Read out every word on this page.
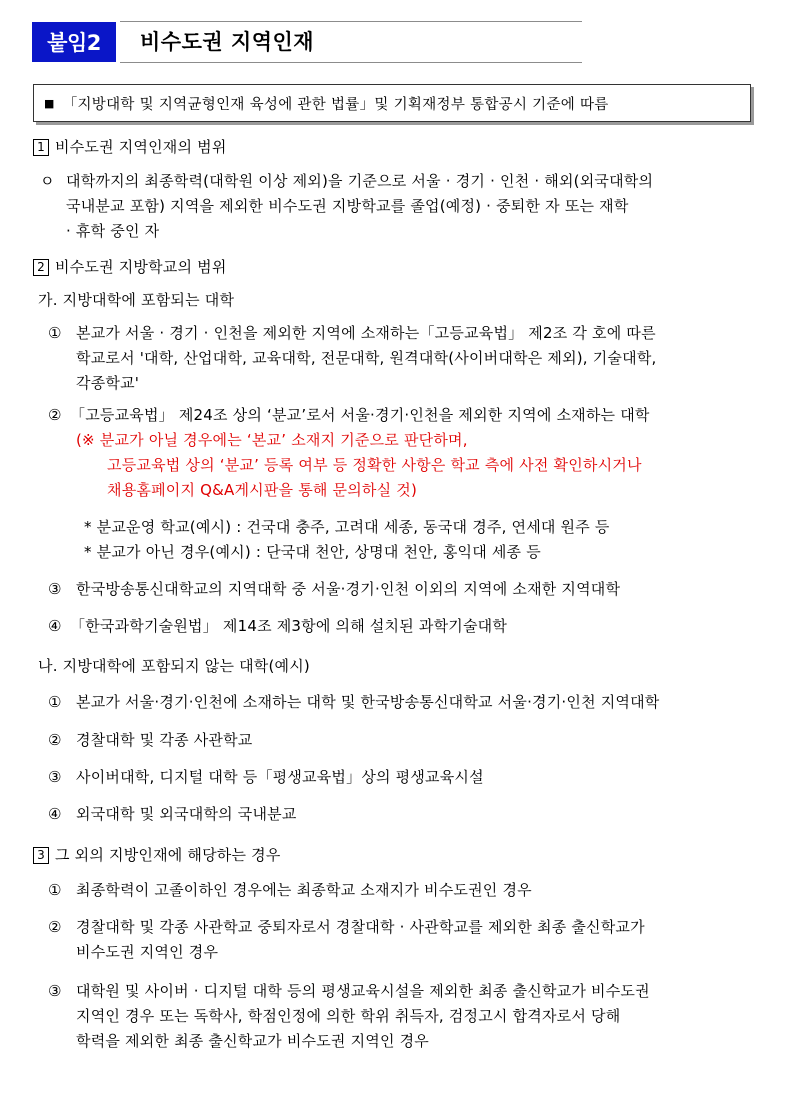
붙임2	비수도권 지역인재
■ 「지방대학 및 지역균형인재 육성에 관한 법률」및 기획재정부 통합공시 기준에 따름
1 비수도권 지역인재의 범위
ㅇ 대학까지의 최종학력(대학원 이상 제외)을 기준으로 서울 · 경기 · 인천 · 해외(외국대학의
국내분교 포함) 지역을 제외한 비수도권 지방학교를 졸업(예정) · 중퇴한 자 또는 재학
· 휴학 중인 자
2 비수도권 지방학교의 범위
가. 지방대학에 포함되는 대학
① 본교가 서울 · 경기 · 인천을 제외한 지역에 소재하는「고등교육법」 제2조 각 호에 따른
학교로서 '대학, 산업대학, 교육대학, 전문대학, 원격대학(사이버대학은 제외), 기술대학,
각종학교'
② 「고등교육법」 제24조 상의 ‘분교’로서 서울·경기·인천을 제외한 지역에 소재하는 대학
(※ 분교가 아닐 경우에는 ‘본교’ 소재지 기준으로 판단하며,
고등교육법 상의 ‘분교’ 등록 여부 등 정확한 사항은 학교 측에 사전 확인하시거나
채용홈페이지 Q&A게시판을 통해 문의하실 것)
* 분교운영 학교(예시) : 건국대 충주, 고려대 세종, 동국대 경주, 연세대 원주 등
* 분교가 아닌 경우(예시) : 단국대 천안, 상명대 천안, 홍익대 세종 등
③ 한국방송통신대학교의 지역대학 중 서울·경기·인천 이외의 지역에 소재한 지역대학
④ 「한국과학기술원법」 제14조 제3항에 의해 설치된 과학기술대학
나. 지방대학에 포함되지 않는 대학(예시)
① 본교가 서울·경기·인천에 소재하는 대학 및 한국방송통신대학교 서울·경기·인천 지역대학
② 경찰대학 및 각종 사관학교
③ 사이버대학, 디지털 대학 등「평생교육법」상의 평생교육시설
④ 외국대학 및 외국대학의 국내분교
3 그 외의 지방인재에 해당하는 경우
① 최종학력이 고졸이하인 경우에는 최종학교 소재지가 비수도권인 경우
② 경찰대학 및 각종 사관학교 중퇴자로서 경찰대학 · 사관학교를 제외한 최종 출신학교가
비수도권 지역인 경우
③ 대학원 및 사이버 · 디지털 대학 등의 평생교육시설을 제외한 최종 출신학교가 비수도권
지역인 경우 또는 독학사, 학점인정에 의한 학위 취득자, 검정고시 합격자로서 당해
학력을 제외한 최종 출신학교가 비수도권 지역인 경우
